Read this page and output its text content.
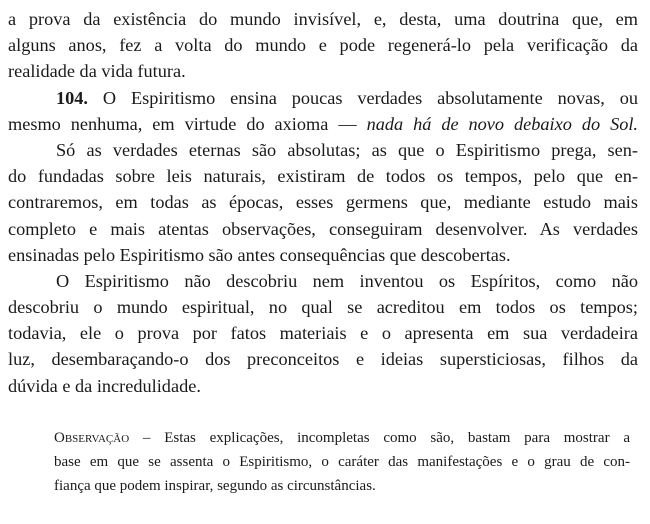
a prova da existência do mundo invisível, e, desta, uma doutrina que, em
alguns anos, fez a volta do mundo e pode regenerá-lo pela verificação da
realidade da vida futura.
104. O Espiritismo ensina poucas verdades absolutamente novas, ou
mesmo nenhuma, em virtude do axioma — nada há de novo debaixo do Sol.
Só as verdades eternas são absolutas; as que o Espiritismo prega, sen-
do fundadas sobre leis naturais, existiram de todos os tempos, pelo que en-
contraremos, em todas as épocas, esses germens que, mediante estudo mais
completo e mais atentas observações, conseguiram desenvolver. As verdades
ensinadas pelo Espiritismo são antes consequências que descobertas.
O Espiritismo não descobriu nem inventou os Espíritos, como não
descobriu o mundo espiritual, no qual se acreditou em todos os tempos;
todavia, ele o prova por fatos materiais e o apresenta em sua verdadeira
luz, desembaraçando-o dos preconceitos e ideias supersticiosas, filhos da
dúvida e da incredulidade.
Observação – Estas explicações, incompletas como são, bastam para mostrar a
base em que se assenta o Espiritismo, o caráter das manifestações e o grau de con-
fiança que podem inspirar, segundo as circunstâncias.
